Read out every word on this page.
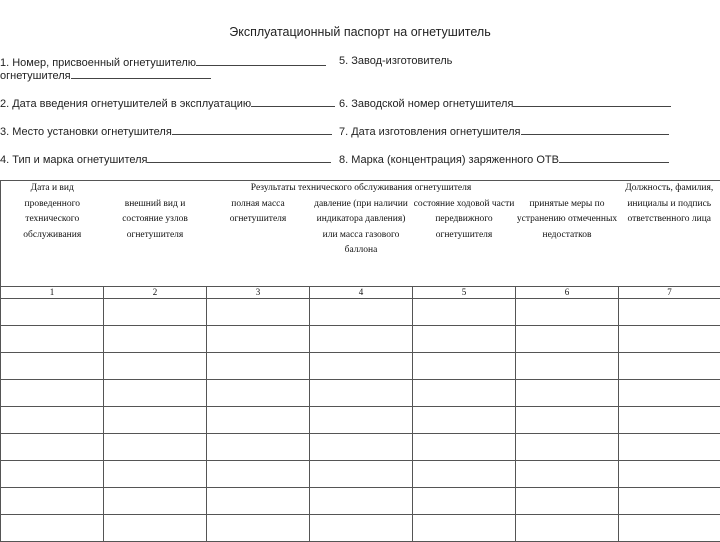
Эксплуатационный паспорт на огнетушитель
1. Номер, присвоенный огнетушителю
огнетушителя
5. Завод-изготовитель
2. Дата введения огнетушителей в эксплуатацию	6. Заводской номер огнетушителя
3. Место установки огнетушителя	7. Дата изготовления огнетушителя
4. Тип и марка огнетушителя	8. Марка (концентрация) заряженного ОТВ
Дата и вид проведенного технического обслуживания	Результаты технического обслуживания огнетушителя					Должность, фамилия, инициалы и подпись ответственного лица
	внешний вид и состояние узлов огнетушителя	полная масса огнетушителя	давление (при наличии индикатора давления) или масса газового баллона	состояние ходовой части передвижного огнетушителя	принятые меры по устранению отмеченных недостатков	
1	2	3	4	5	6	7
